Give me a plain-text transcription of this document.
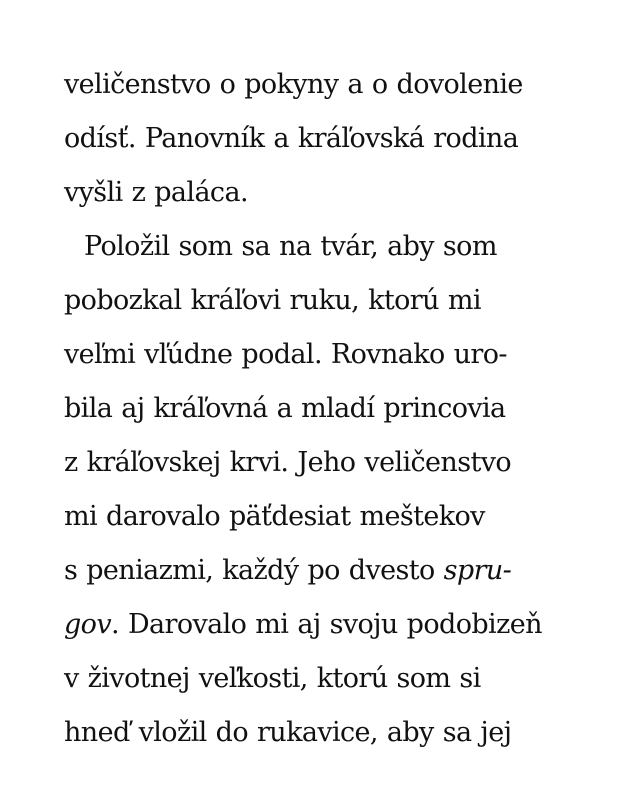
veličenstvo o pokyny a o dovolenie
odísť. Panovník a kráľovská rodina
vyšli z paláca.
Položil som sa na tvár, aby som
pobozkal kráľovi ruku, ktorú mi
veľmi vľúdne podal. Rovnako uro-
bila aj kráľovná a mladí princovia
z kráľovskej krvi. Jeho veličenstvo
mi darovalo päťdesiat meštekov
s peniazmi, každý po dvesto spru-
gov. Darovalo mi aj svoju podobizeň
v životnej veľkosti, ktorú som si
hneď vložil do rukavice, aby sa jej
